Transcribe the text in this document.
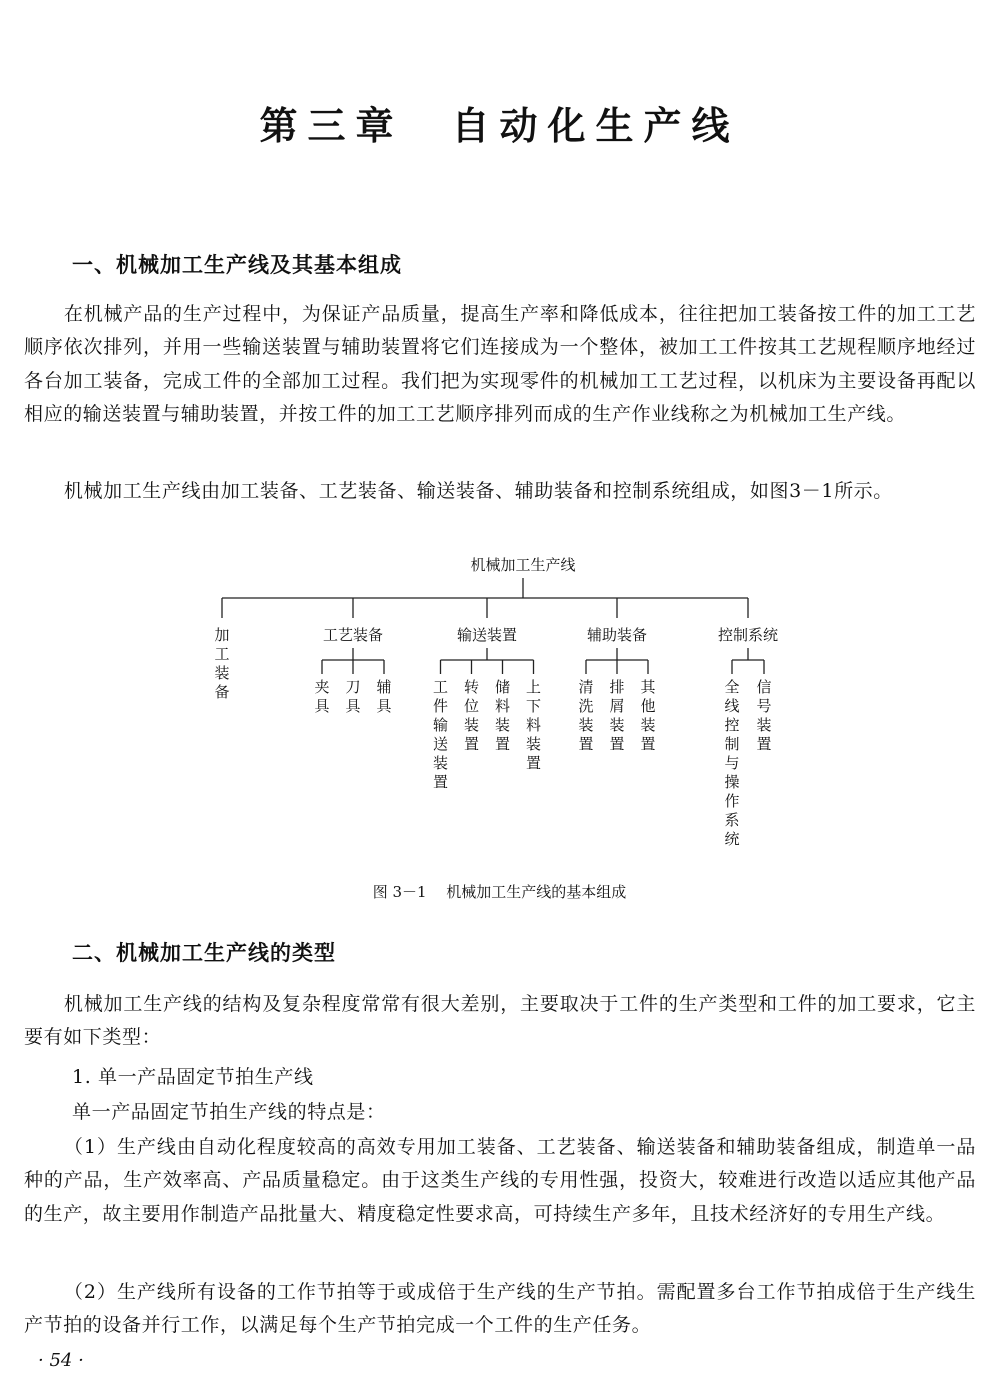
第三章　自动化生产线
一、机械加工生产线及其基本组成

在机械产品的生产过程中，为保证产品质量，提高生产率和降低成本，往往把加工装备按工件的加工工艺顺序依次排列，并用一些输送装置与辅助装置将它们连接成为一个整体，被加工工件按其工艺规程顺序地经过各台加工装备，完成工件的全部加工过程。我们把为实现零件的机械加工工艺过程，以机床为主要设备再配以相应的输送装置与辅助装置，并按工件的加工工艺顺序排列而成的生产作业线称之为机械加工生产线。

机械加工生产线由加工装备、工艺装备、输送装备、辅助装备和控制系统组成，如图3－1所示。

机械加工生产线
加
工
装
备
工艺装备
夹
具
刀
具
辅
具
输送装置
工
件
输
送
装
置
转
位
装
置
储
料
装
置
上
下
料
装
置
辅助装备
清
洗
装
置
排
屑
装
置
其
他
装
置
控制系统
全
线
控
制
与
操
作
系
统
信
号
装
置
图 3－1　 机械加工生产线的基本组成
二、机械加工生产线的类型

机械加工生产线的结构及复杂程度常常有很大差别，主要取决于工件的生产类型和工件的加工要求，它主要有如下类型：

1. 单一产品固定节拍生产线
单一产品固定节拍生产线的特点是：

（1）生产线由自动化程度较高的高效专用加工装备、工艺装备、输送装备和辅助装备组成，制造单一品种的产品，生产效率高、产品质量稳定。由于这类生产线的专用性强，投资大，较难进行改造以适应其他产品的生产，故主要用作制造产品批量大、精度稳定性要求高，可持续生产多年，且技术经济好的专用生产线。

（2）生产线所有设备的工作节拍等于或成倍于生产线的生产节拍。需配置多台工作节拍成倍于生产线生产节拍的设备并行工作，以满足每个生产节拍完成一个工件的生产任务。

· 54 ·
